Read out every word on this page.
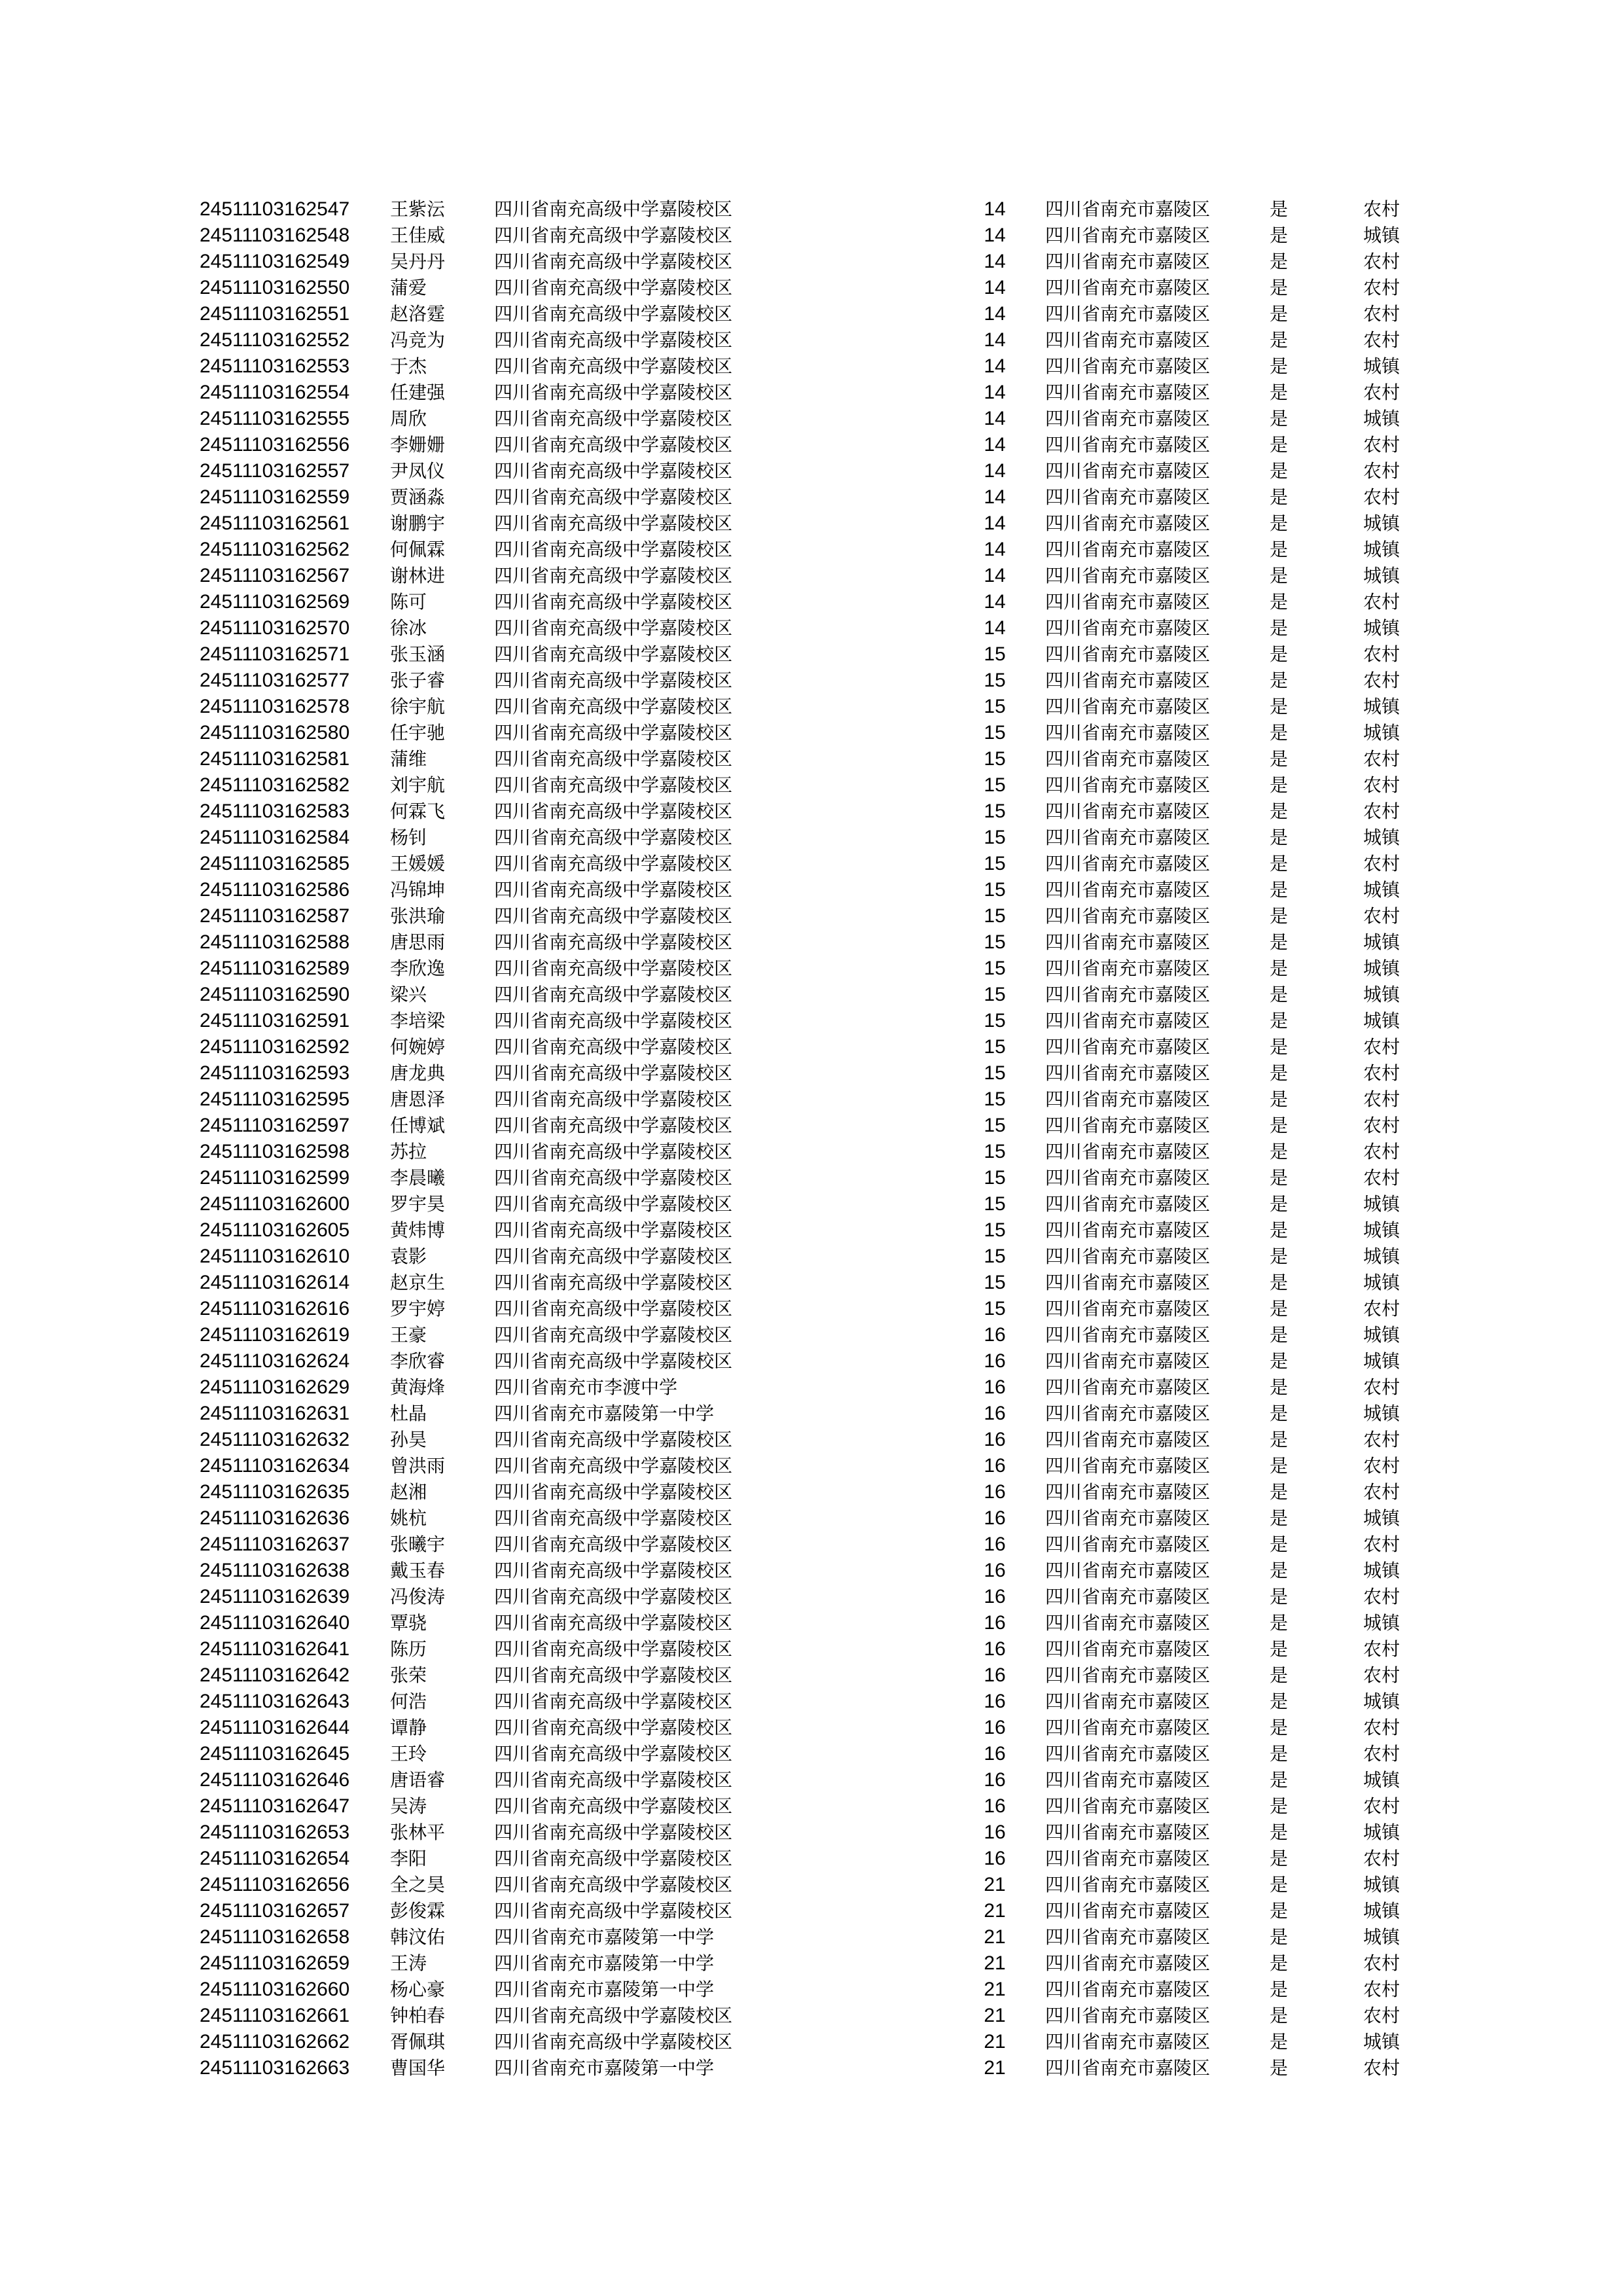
24511103162547 王紫沄	四川省南充高级中学嘉陵校区	14	四川省南充市嘉陵区	是	农村
24511103162548 王佳威	四川省南充高级中学嘉陵校区	14	四川省南充市嘉陵区	是	城镇
24511103162549 吴丹丹	四川省南充高级中学嘉陵校区	14	四川省南充市嘉陵区	是	农村
24511103162550 蒲爱	四川省南充高级中学嘉陵校区	14	四川省南充市嘉陵区	是	农村
24511103162551 赵洛霆	四川省南充高级中学嘉陵校区	14	四川省南充市嘉陵区	是	农村
24511103162552 冯竞为	四川省南充高级中学嘉陵校区	14	四川省南充市嘉陵区	是	农村
24511103162553 于杰	四川省南充高级中学嘉陵校区	14	四川省南充市嘉陵区	是	城镇
24511103162554 任建强	四川省南充高级中学嘉陵校区	14	四川省南充市嘉陵区	是	农村
24511103162555 周欣	四川省南充高级中学嘉陵校区	14	四川省南充市嘉陵区	是	城镇
24511103162556 李姗姗	四川省南充高级中学嘉陵校区	14	四川省南充市嘉陵区	是	农村
24511103162557 尹凤仪	四川省南充高级中学嘉陵校区	14	四川省南充市嘉陵区	是	农村
24511103162559 贾涵淼	四川省南充高级中学嘉陵校区	14	四川省南充市嘉陵区	是	农村
24511103162561 谢鹏宇	四川省南充高级中学嘉陵校区	14	四川省南充市嘉陵区	是	城镇
24511103162562 何佩霖	四川省南充高级中学嘉陵校区	14	四川省南充市嘉陵区	是	城镇
24511103162567 谢林进	四川省南充高级中学嘉陵校区	14	四川省南充市嘉陵区	是	城镇
24511103162569 陈可	四川省南充高级中学嘉陵校区	14	四川省南充市嘉陵区	是	农村
24511103162570 徐冰	四川省南充高级中学嘉陵校区	14	四川省南充市嘉陵区	是	城镇
24511103162571 张玉涵	四川省南充高级中学嘉陵校区	15	四川省南充市嘉陵区	是	农村
24511103162577 张子睿	四川省南充高级中学嘉陵校区	15	四川省南充市嘉陵区	是	农村
24511103162578 徐宇航	四川省南充高级中学嘉陵校区	15	四川省南充市嘉陵区	是	城镇
24511103162580 任宇驰	四川省南充高级中学嘉陵校区	15	四川省南充市嘉陵区	是	城镇
24511103162581 蒲维	四川省南充高级中学嘉陵校区	15	四川省南充市嘉陵区	是	农村
24511103162582 刘宇航	四川省南充高级中学嘉陵校区	15	四川省南充市嘉陵区	是	农村
24511103162583 何霖飞	四川省南充高级中学嘉陵校区	15	四川省南充市嘉陵区	是	农村
24511103162584 杨钊	四川省南充高级中学嘉陵校区	15	四川省南充市嘉陵区	是	城镇
24511103162585 王媛媛	四川省南充高级中学嘉陵校区	15	四川省南充市嘉陵区	是	农村
24511103162586 冯锦坤	四川省南充高级中学嘉陵校区	15	四川省南充市嘉陵区	是	城镇
24511103162587 张洪瑜	四川省南充高级中学嘉陵校区	15	四川省南充市嘉陵区	是	农村
24511103162588 唐思雨	四川省南充高级中学嘉陵校区	15	四川省南充市嘉陵区	是	城镇
24511103162589 李欣逸	四川省南充高级中学嘉陵校区	15	四川省南充市嘉陵区	是	城镇
24511103162590 梁兴	四川省南充高级中学嘉陵校区	15	四川省南充市嘉陵区	是	城镇
24511103162591 李培梁	四川省南充高级中学嘉陵校区	15	四川省南充市嘉陵区	是	城镇
24511103162592 何婉婷	四川省南充高级中学嘉陵校区	15	四川省南充市嘉陵区	是	农村
24511103162593 唐龙典	四川省南充高级中学嘉陵校区	15	四川省南充市嘉陵区	是	农村
24511103162595 唐恩泽	四川省南充高级中学嘉陵校区	15	四川省南充市嘉陵区	是	农村
24511103162597 任博斌	四川省南充高级中学嘉陵校区	15	四川省南充市嘉陵区	是	农村
24511103162598 苏拉	四川省南充高级中学嘉陵校区	15	四川省南充市嘉陵区	是	农村
24511103162599 李晨曦	四川省南充高级中学嘉陵校区	15	四川省南充市嘉陵区	是	农村
24511103162600 罗宇昊	四川省南充高级中学嘉陵校区	15	四川省南充市嘉陵区	是	城镇
24511103162605 黄炜博	四川省南充高级中学嘉陵校区	15	四川省南充市嘉陵区	是	城镇
24511103162610 袁影	四川省南充高级中学嘉陵校区	15	四川省南充市嘉陵区	是	城镇
24511103162614 赵京生	四川省南充高级中学嘉陵校区	15	四川省南充市嘉陵区	是	城镇
24511103162616 罗宇婷	四川省南充高级中学嘉陵校区	15	四川省南充市嘉陵区	是	农村
24511103162619 王豪	四川省南充高级中学嘉陵校区	16	四川省南充市嘉陵区	是	城镇
24511103162624 李欣睿	四川省南充高级中学嘉陵校区	16	四川省南充市嘉陵区	是	城镇
24511103162629 黄海烽	四川省南充市李渡中学	16	四川省南充市嘉陵区	是	农村
24511103162631 杜晶	四川省南充市嘉陵第一中学	16	四川省南充市嘉陵区	是	城镇
24511103162632 孙昊	四川省南充高级中学嘉陵校区	16	四川省南充市嘉陵区	是	农村
24511103162634 曾洪雨	四川省南充高级中学嘉陵校区	16	四川省南充市嘉陵区	是	农村
24511103162635 赵湘	四川省南充高级中学嘉陵校区	16	四川省南充市嘉陵区	是	农村
24511103162636 姚杭	四川省南充高级中学嘉陵校区	16	四川省南充市嘉陵区	是	城镇
24511103162637 张曦宇	四川省南充高级中学嘉陵校区	16	四川省南充市嘉陵区	是	农村
24511103162638 戴玉春	四川省南充高级中学嘉陵校区	16	四川省南充市嘉陵区	是	城镇
24511103162639 冯俊涛	四川省南充高级中学嘉陵校区	16	四川省南充市嘉陵区	是	农村
24511103162640 覃骁	四川省南充高级中学嘉陵校区	16	四川省南充市嘉陵区	是	城镇
24511103162641 陈历	四川省南充高级中学嘉陵校区	16	四川省南充市嘉陵区	是	农村
24511103162642 张荣	四川省南充高级中学嘉陵校区	16	四川省南充市嘉陵区	是	农村
24511103162643 何浩	四川省南充高级中学嘉陵校区	16	四川省南充市嘉陵区	是	城镇
24511103162644 谭静	四川省南充高级中学嘉陵校区	16	四川省南充市嘉陵区	是	农村
24511103162645 王玲	四川省南充高级中学嘉陵校区	16	四川省南充市嘉陵区	是	农村
24511103162646 唐语睿	四川省南充高级中学嘉陵校区	16	四川省南充市嘉陵区	是	城镇
24511103162647 吴涛	四川省南充高级中学嘉陵校区	16	四川省南充市嘉陵区	是	农村
24511103162653 张林平	四川省南充高级中学嘉陵校区	16	四川省南充市嘉陵区	是	城镇
24511103162654 李阳	四川省南充高级中学嘉陵校区	16	四川省南充市嘉陵区	是	农村
24511103162656 全之昊	四川省南充高级中学嘉陵校区	21	四川省南充市嘉陵区	是	城镇
24511103162657 彭俊霖	四川省南充高级中学嘉陵校区	21	四川省南充市嘉陵区	是	城镇
24511103162658 韩汶佑	四川省南充市嘉陵第一中学	21	四川省南充市嘉陵区	是	城镇
24511103162659 王涛	四川省南充市嘉陵第一中学	21	四川省南充市嘉陵区	是	农村
24511103162660 杨心豪	四川省南充市嘉陵第一中学	21	四川省南充市嘉陵区	是	农村
24511103162661 钟柏春	四川省南充高级中学嘉陵校区	21	四川省南充市嘉陵区	是	农村
24511103162662 胥佩琪	四川省南充高级中学嘉陵校区	21	四川省南充市嘉陵区	是	城镇
24511103162663 曹国华	四川省南充市嘉陵第一中学	21	四川省南充市嘉陵区	是	农村
